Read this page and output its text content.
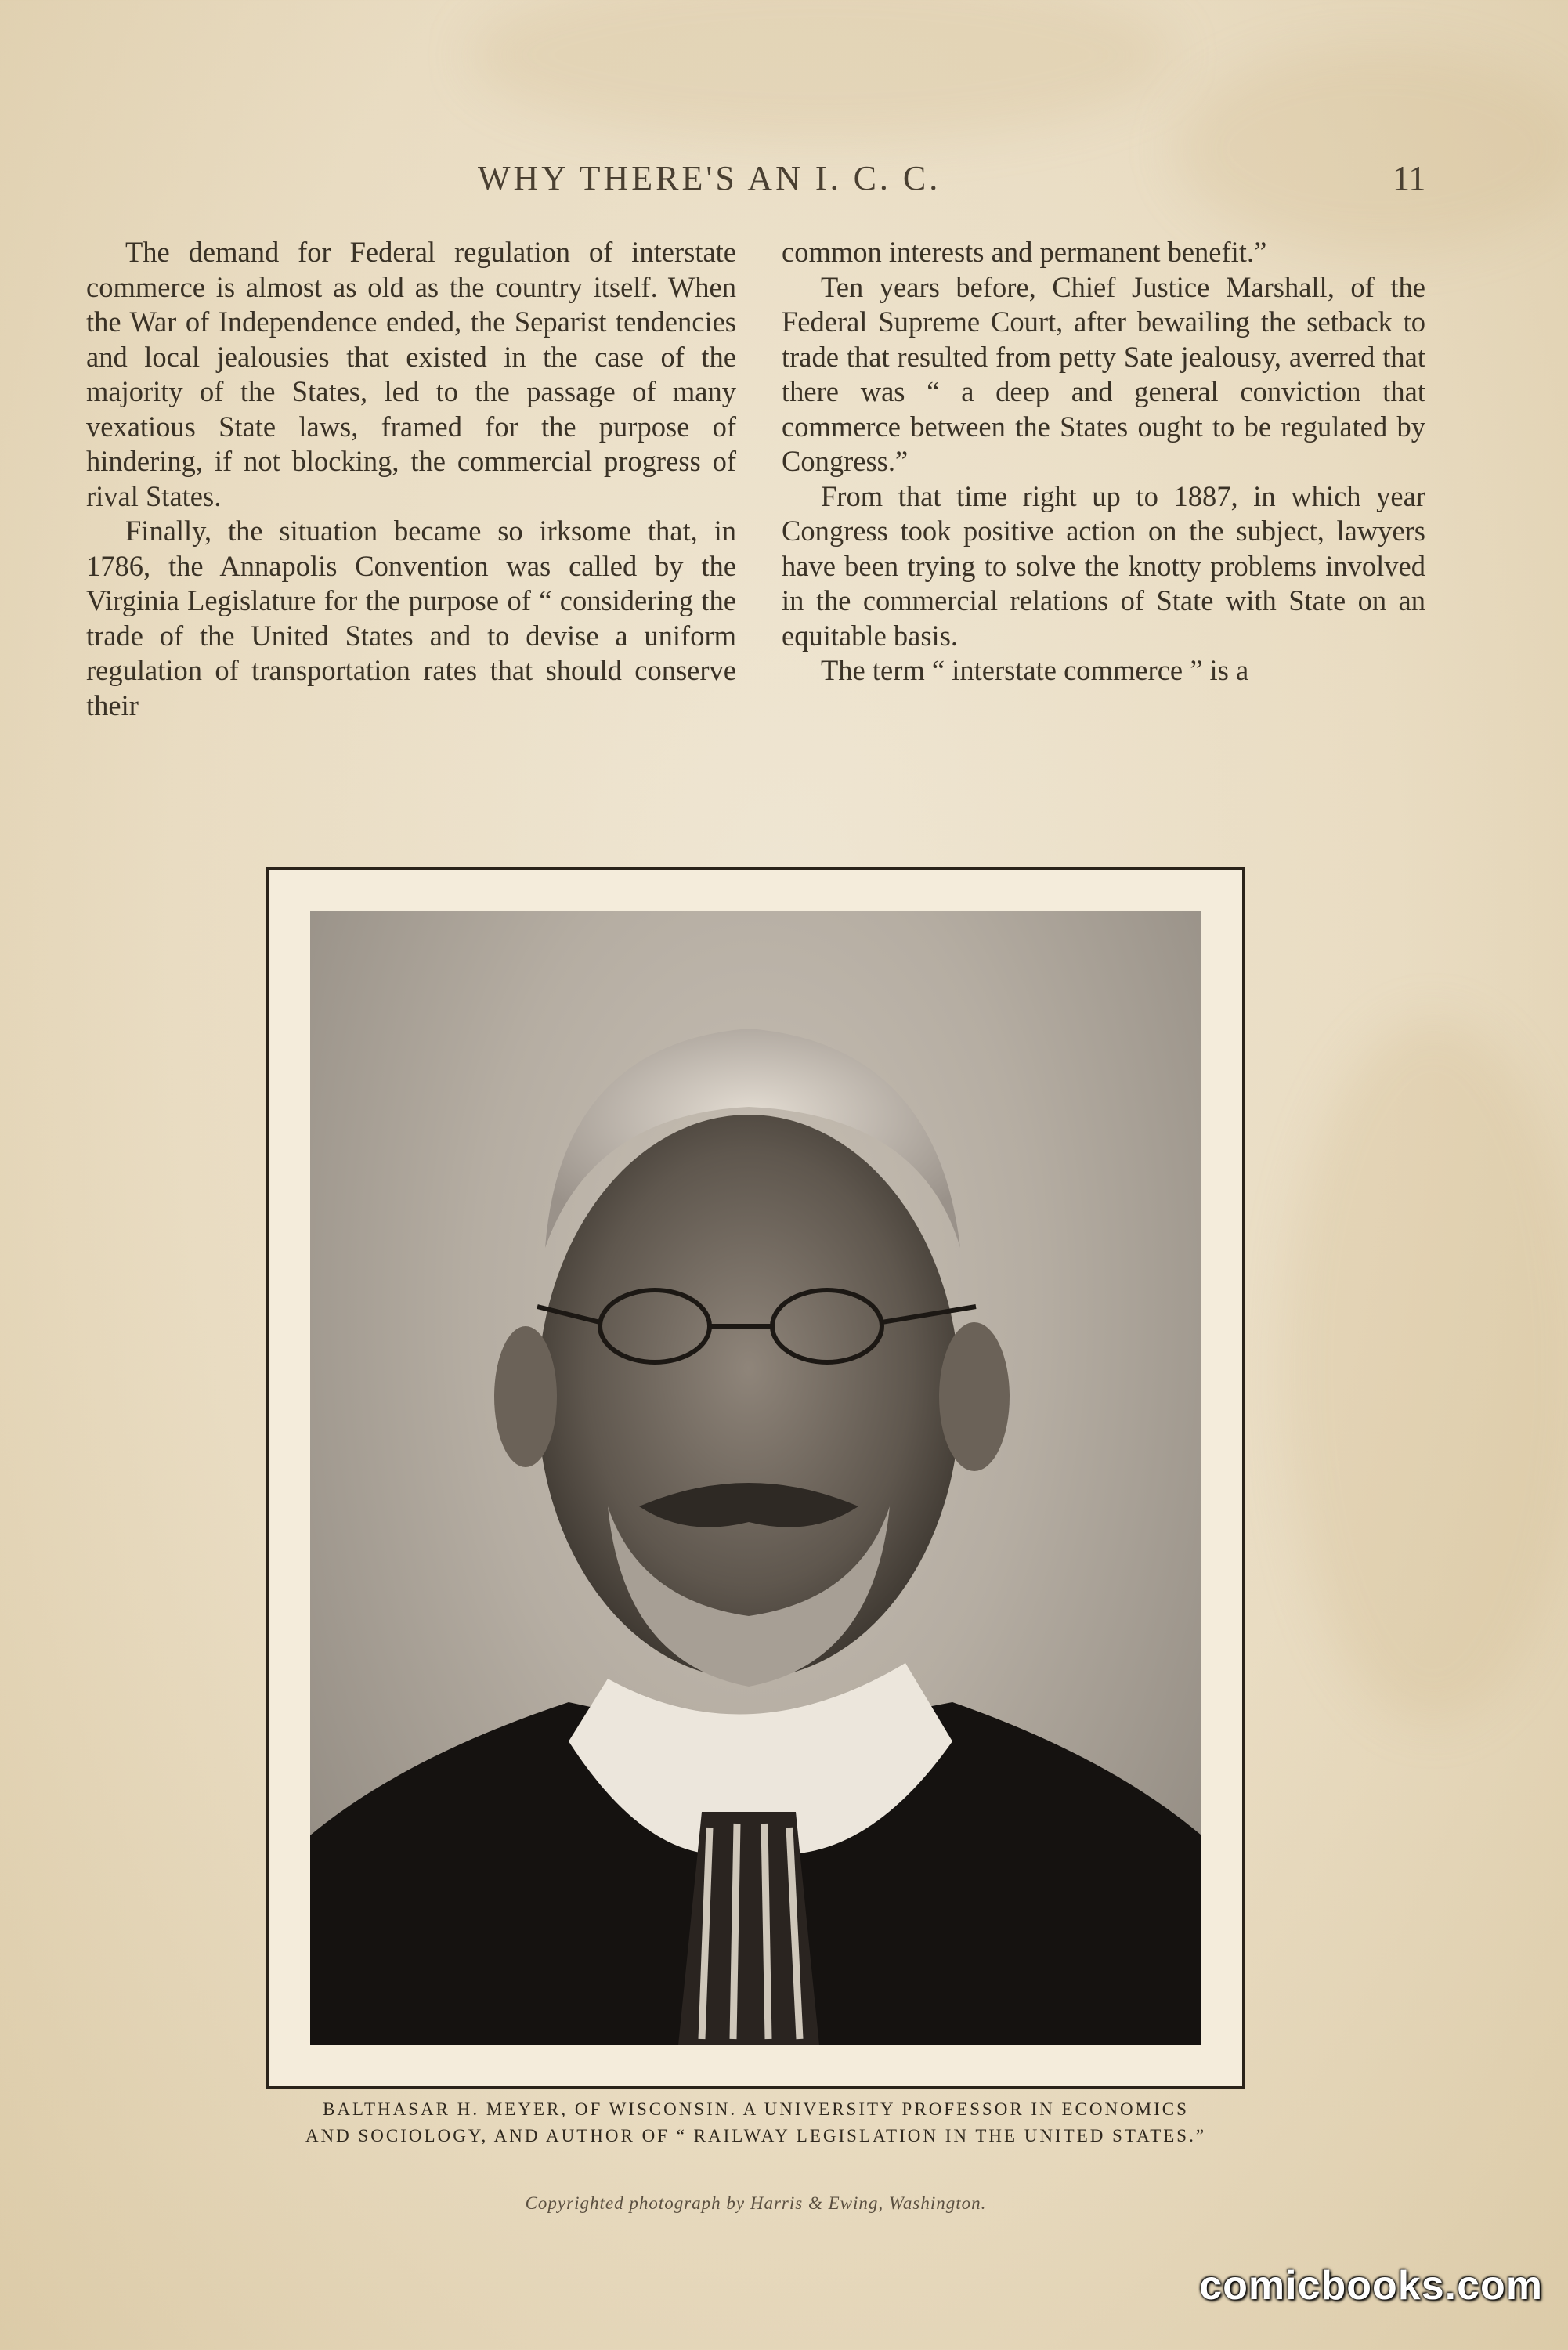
WHY THERE'S AN I. C. C.	11

The demand for Federal regulation of interstate commerce is almost as old as the country itself. When the War of Independence ended, the Separist tendencies and local jealousies that existed in the case of the majority of the States, led to the passage of many vexatious State laws, framed for the purpose of hindering, if not blocking, the commercial progress of rival States.

Finally, the situation became so irksome that, in 1786, the Annapolis Convention was called by the Virginia Legislature for the purpose of “ considering the trade of the United States and to devise a uniform regulation of transportation rates that should conserve their

common interests and permanent benefit.”

Ten years before, Chief Justice Marshall, of the Federal Supreme Court, after bewailing the setback to trade that resulted from petty Sate jealousy, averred that there was “ a deep and general conviction that commerce between the States ought to be regulated by Congress.”

From that time right up to 1887, in which year Congress took positive action on the subject, lawyers have been trying to solve the knotty problems involved in the commercial relations of State with State on an equitable basis.

The term “ interstate commerce ” is a

BALTHASAR H. MEYER, OF WISCONSIN. A UNIVERSITY PROFESSOR IN ECONOMICS AND SOCIOLOGY, AND AUTHOR OF “ RAILWAY LEGISLATION IN THE UNITED STATES.”
Copyrighted photograph by Harris & Ewing, Washington.
comicbooks.com
